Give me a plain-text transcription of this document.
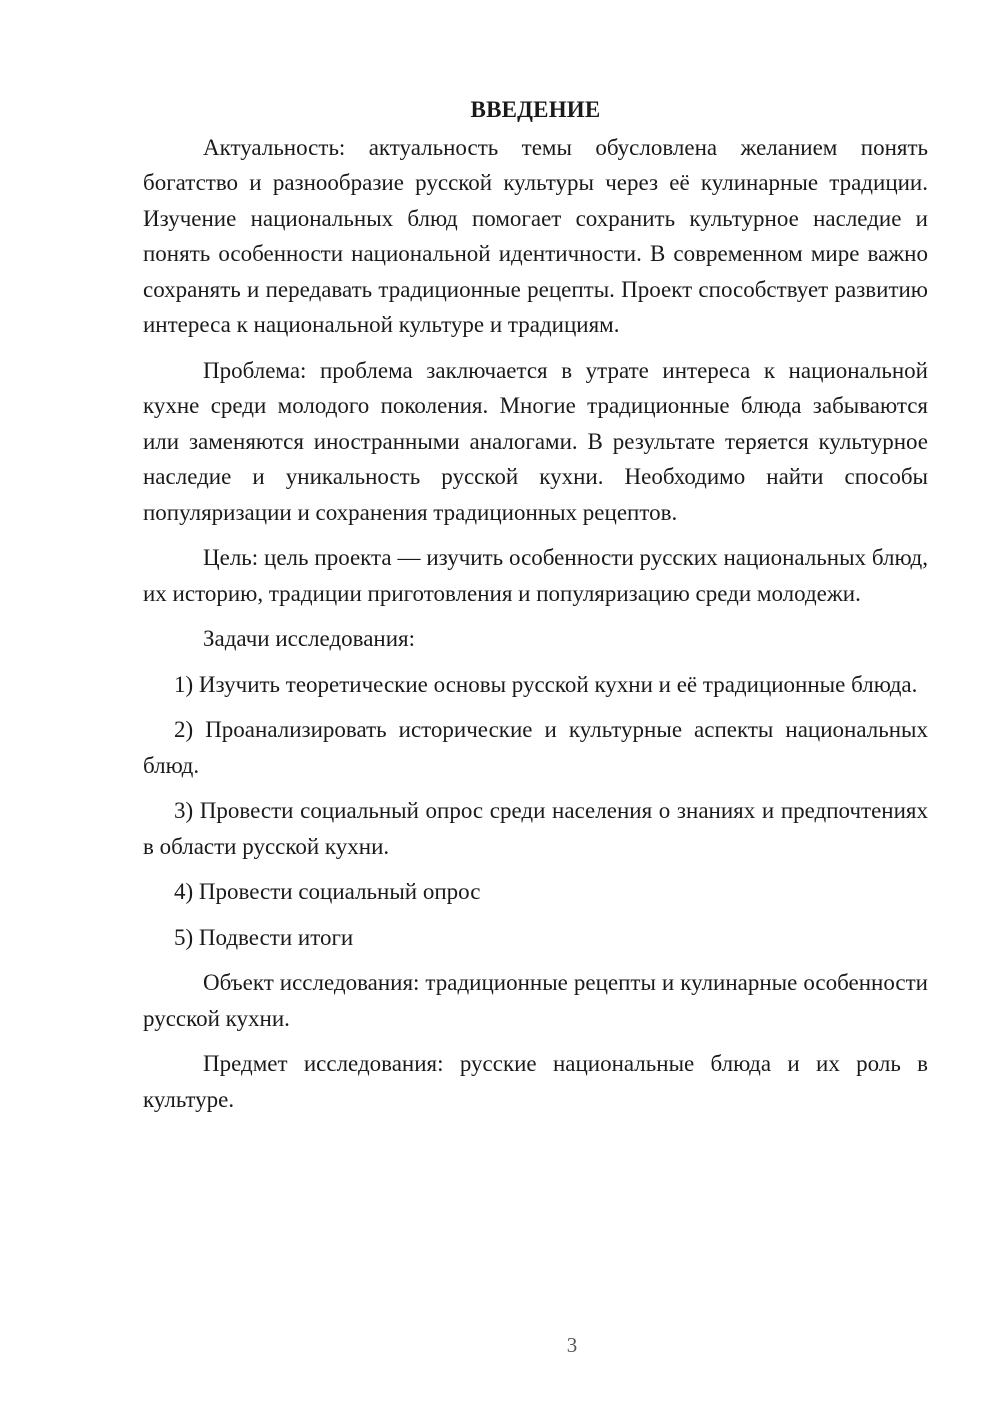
ВВЕДЕНИЕ

Актуальность: актуальность темы обусловлена желанием понять богатство и разнообразие русской культуры через её кулинарные традиции. Изучение национальных блюд помогает сохранить культурное наследие и понять особенности национальной идентичности. В современном мире важно сохранять и передавать традиционные рецепты. Проект способствует развитию интереса к национальной культуре и традициям.

Проблема: проблема заключается в утрате интереса к национальной кухне среди молодого поколения. Многие традиционные блюда забываются или заменяются иностранными аналогами. В результате теряется культурное наследие и уникальность русской кухни. Необходимо найти способы популяризации и сохранения традиционных рецептов.

Цель: цель проекта — изучить особенности русских национальных блюд, их историю, традиции приготовления и популяризацию среди молодежи.

Задачи исследования:

1) Изучить теоретические основы русской кухни и её традиционные блюда.

2) Проанализировать исторические и культурные аспекты национальных блюд.

3) Провести социальный опрос среди населения о знаниях и предпочтениях в области русской кухни.

4) Провести социальный опрос

5) Подвести итоги

Объект исследования: традиционные рецепты и кулинарные особенности русской кухни.

Предмет исследования: русские национальные блюда и их роль в культуре.

3
